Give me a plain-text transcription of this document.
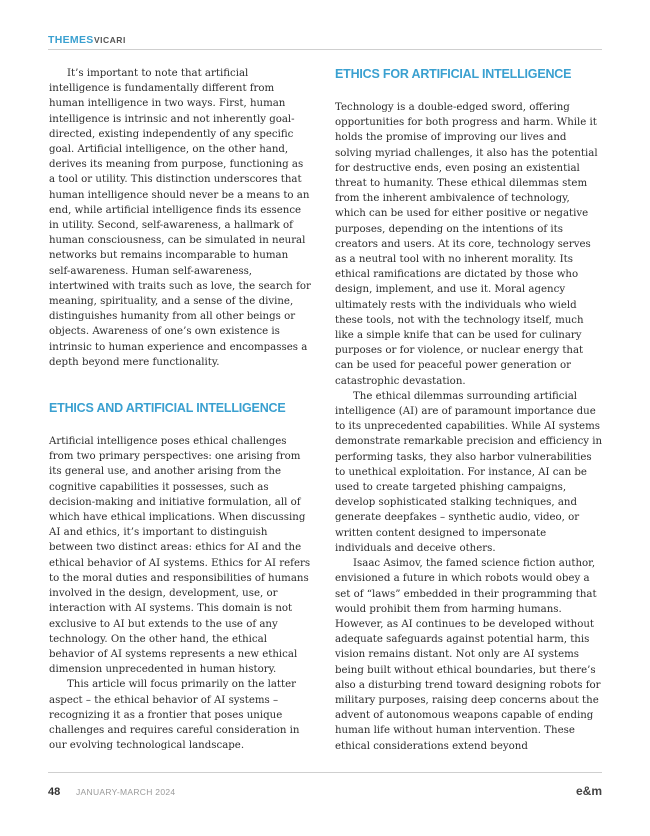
THEMES VICARI

It’s important to note that artificial intelligence is fundamentally different from human intelligence in two ways. First, human intelligence is intrinsic and not inherently goal-directed, existing independently of any specific goal. Artificial intelligence, on the other hand, derives its meaning from purpose, functioning as a tool or utility. This distinction underscores that human intelligence should never be a means to an end, while artificial intelligence finds its essence in utility. Second, self-awareness, a hallmark of human consciousness, can be simulated in neural networks but remains incomparable to human self-awareness. Human self-awareness, intertwined with traits such as love, the search for meaning, spirituality, and a sense of the divine, distinguishes humanity from all other beings or objects. Awareness of one’s own existence is intrinsic to human experience and encompasses a depth beyond mere functionality.

ETHICS AND ARTIFICIAL INTELLIGENCE

Artificial intelligence poses ethical challenges from two primary perspectives: one arising from its general use, and another arising from the cognitive capabilities it possesses, such as decision-making and initiative formulation, all of which have ethical implications. When discussing AI and ethics, it’s important to distinguish between two distinct areas: ethics for AI and the ethical behavior of AI systems. Ethics for AI refers to the moral duties and responsibilities of humans involved in the design, development, use, or interaction with AI systems. This domain is not exclusive to AI but extends to the use of any technology. On the other hand, the ethical behavior of AI systems represents a new ethical dimension unprecedented in human history.

This article will focus primarily on the latter aspect – the ethical behavior of AI systems – recognizing it as a frontier that poses unique challenges and requires careful consideration in our evolving technological landscape.

ETHICS FOR ARTIFICIAL INTELLIGENCE

Technology is a double-edged sword, offering opportunities for both progress and harm. While it holds the promise of improving our lives and solving myriad challenges, it also has the potential for destructive ends, even posing an existential threat to humanity. These ethical dilemmas stem from the inherent ambivalence of technology, which can be used for either positive or negative purposes, depending on the intentions of its creators and users. At its core, technology serves as a neutral tool with no inherent morality. Its ethical ramifications are dictated by those who design, implement, and use it. Moral agency ultimately rests with the individuals who wield these tools, not with the technology itself, much like a simple knife that can be used for culinary purposes or for violence, or nuclear energy that can be used for peaceful power generation or catastrophic devastation.

The ethical dilemmas surrounding artificial intelligence (AI) are of paramount importance due to its unprecedented capabilities. While AI systems demonstrate remarkable precision and efficiency in performing tasks, they also harbor vulnerabilities to unethical exploitation. For instance, AI can be used to create targeted phishing campaigns, develop sophisticated stalking techniques, and generate deepfakes – synthetic audio, video, or written content designed to impersonate individuals and deceive others.

Isaac Asimov, the famed science fiction author, envisioned a future in which robots would obey a set of “laws” embedded in their programming that would prohibit them from harming humans. However, as AI continues to be developed without adequate safeguards against potential harm, this vision remains distant. Not only are AI systems being built without ethical boundaries, but there’s also a disturbing trend toward designing robots for military purposes, raising deep concerns about the advent of autonomous weapons capable of ending human life without human intervention. These ethical considerations extend beyond

48 JANUARY-MARCH 2024	e&m
